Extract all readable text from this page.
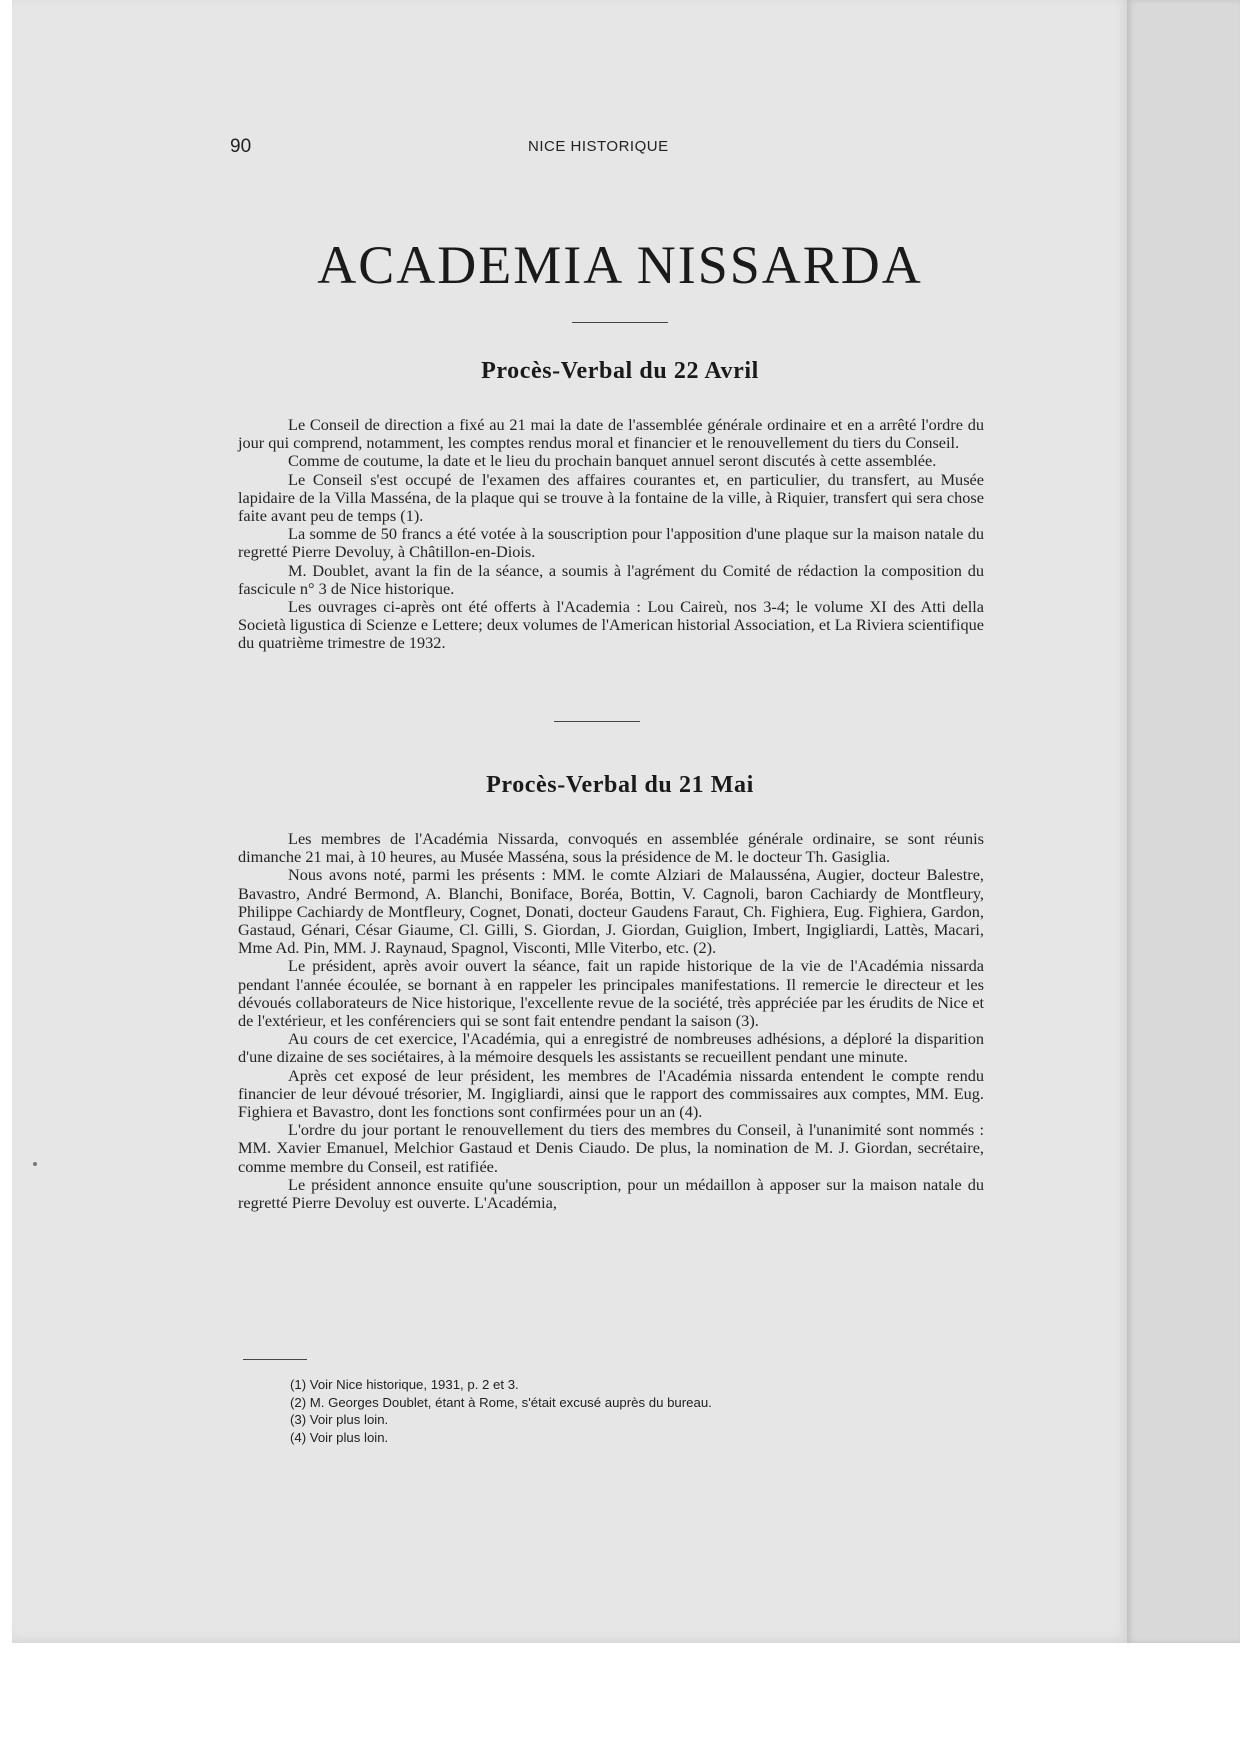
90	NICE HISTORIQUE
ACADEMIA NISSARDA
Procès-Verbal du 22 Avril

Le Conseil de direction a fixé au 21 mai la date de l'assemblée générale ordinaire et en a arrêté l'ordre du jour qui comprend, notamment, les comptes rendus moral et financier et le renouvellement du tiers du Conseil.

Comme de coutume, la date et le lieu du prochain banquet annuel seront discutés à cette assemblée.

Le Conseil s'est occupé de l'examen des affaires courantes et, en particulier, du transfert, au Musée lapidaire de la Villa Masséna, de la plaque qui se trouve à la fontaine de la ville, à Riquier, transfert qui sera chose faite avant peu de temps (1).

La somme de 50 francs a été votée à la souscription pour l'apposition d'une plaque sur la maison natale du regretté Pierre Devoluy, à Châtillon-en-Diois.

M. Doublet, avant la fin de la séance, a soumis à l'agrément du Comité de rédaction la composition du fascicule n° 3 de Nice historique.

Les ouvrages ci-après ont été offerts à l'Academia : Lou Caireù, nos 3-4; le volume XI des Atti della Società ligustica di Scienze e Lettere; deux volumes de l'American historial Association, et La Riviera scientifique du quatrième trimestre de 1932.

Procès-Verbal du 21 Mai

Les membres de l'Académia Nissarda, convoqués en assemblée générale ordinaire, se sont réunis dimanche 21 mai, à 10 heures, au Musée Masséna, sous la présidence de M. le docteur Th. Gasiglia.

Nous avons noté, parmi les présents : MM. le comte Alziari de Malausséna, Augier, docteur Balestre, Bavastro, André Bermond, A. Blanchi, Boniface, Boréa, Bottin, V. Cagnoli, baron Cachiardy de Montfleury, Philippe Cachiardy de Montfleury, Cognet, Donati, docteur Gaudens Faraut, Ch. Fighiera, Eug. Fighiera, Gardon, Gastaud, Génari, César Giaume, Cl. Gilli, S. Giordan, J. Giordan, Guiglion, Imbert, Ingigliardi, Lattès, Macari, Mme Ad. Pin, MM. J. Raynaud, Spagnol, Visconti, Mlle Viterbo, etc. (2).

Le président, après avoir ouvert la séance, fait un rapide historique de la vie de l'Académia nissarda pendant l'année écoulée, se bornant à en rappeler les principales manifestations. Il remercie le directeur et les dévoués collaborateurs de Nice historique, l'excellente revue de la société, très appréciée par les érudits de Nice et de l'extérieur, et les conférenciers qui se sont fait entendre pendant la saison (3).

Au cours de cet exercice, l'Académia, qui a enregistré de nombreuses adhésions, a déploré la disparition d'une dizaine de ses sociétaires, à la mémoire desquels les assistants se recueillent pendant une minute.

Après cet exposé de leur président, les membres de l'Académia nissarda entendent le compte rendu financier de leur dévoué trésorier, M. Ingigliardi, ainsi que le rapport des commissaires aux comptes, MM. Eug. Fighiera et Bavastro, dont les fonctions sont confirmées pour un an (4).

L'ordre du jour portant le renouvellement du tiers des membres du Conseil, à l'unanimité sont nommés : MM. Xavier Emanuel, Melchior Gastaud et Denis Ciaudo. De plus, la nomination de M. J. Giordan, secrétaire, comme membre du Conseil, est ratifiée.

Le président annonce ensuite qu'une souscription, pour un médaillon à apposer sur la maison natale du regretté Pierre Devoluy est ouverte. L'Académia,

(1) Voir Nice historique, 1931, p. 2 et 3.
(2) M. Georges Doublet, étant à Rome, s'était excusé auprès du bureau.
(3) Voir plus loin.
(4) Voir plus loin.
